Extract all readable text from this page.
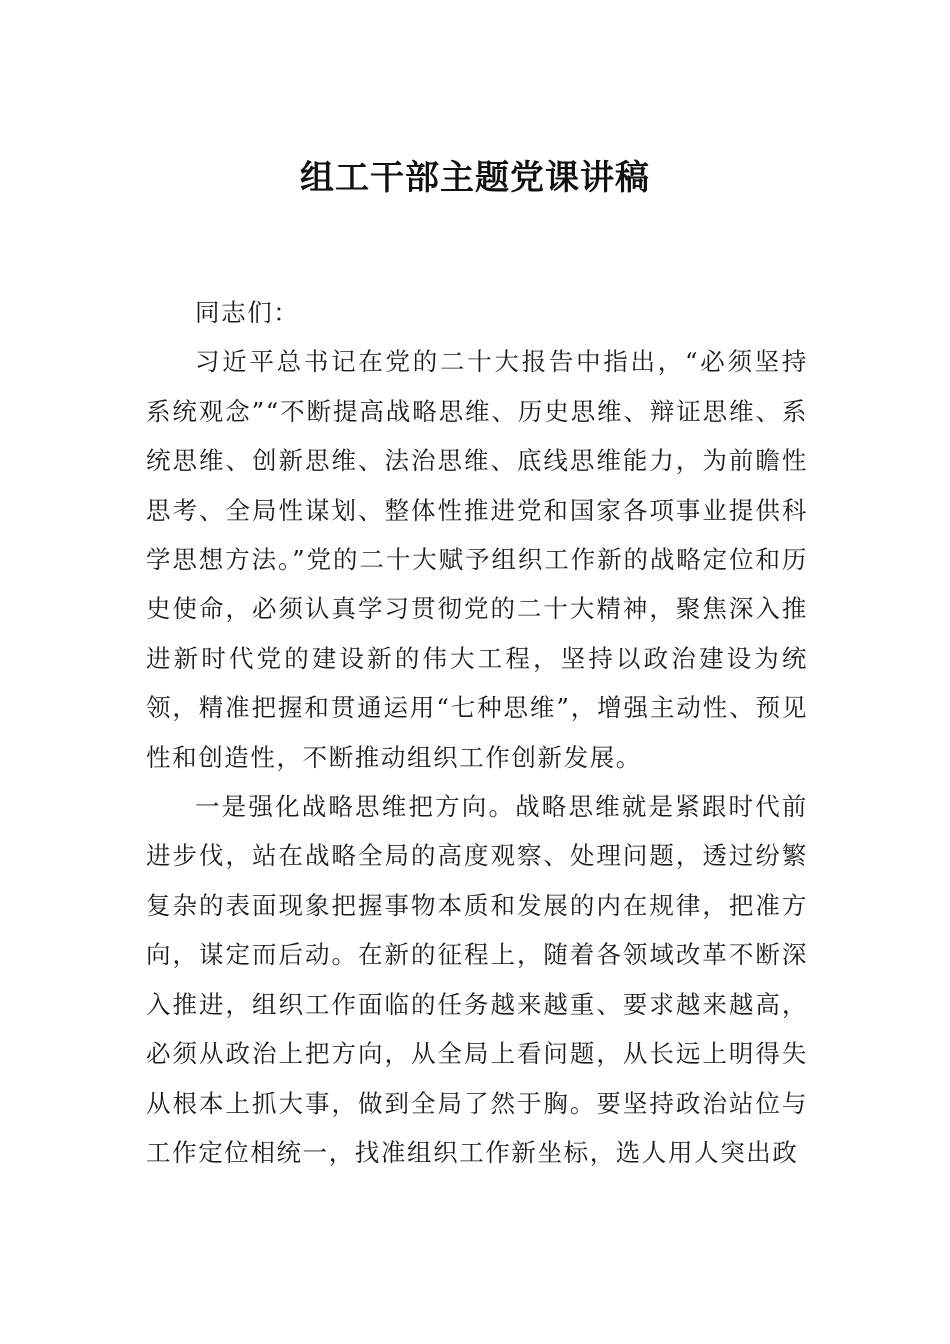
组工干部主题党课讲稿

同志们：

习近平总书记在党的二十大报告中指出，“必须坚持系统观念”“不断提高战略思维、历史思维、辩证思维、系统思维、创新思维、法治思维、底线思维能力，为前瞻性思考、全局性谋划、整体性推进党和国家各项事业提供科学思想方法。”党的二十大赋予组织工作新的战略定位和历史使命，必须认真学习贯彻党的二十大精神，聚焦深入推进新时代党的建设新的伟大工程，坚持以政治建设为统领，精准把握和贯通运用“七种思维”，增强主动性、预见性和创造性，不断推动组织工作创新发展。

一是强化战略思维把方向。战略思维就是紧跟时代前进步伐，站在战略全局的高度观察、处理问题，透过纷繁复杂的表面现象把握事物本质和发展的内在规律，把准方向，谋定而后动。在新的征程上，随着各领域改革不断深入推进，组织工作面临的任务越来越重、要求越来越高，必须从政治上把方向，从全局上看问题，从长远上明得失从根本上抓大事，做到全局了然于胸。要坚持政治站位与工作定位相统一，找准组织工作新坐标，选人用人突出政
